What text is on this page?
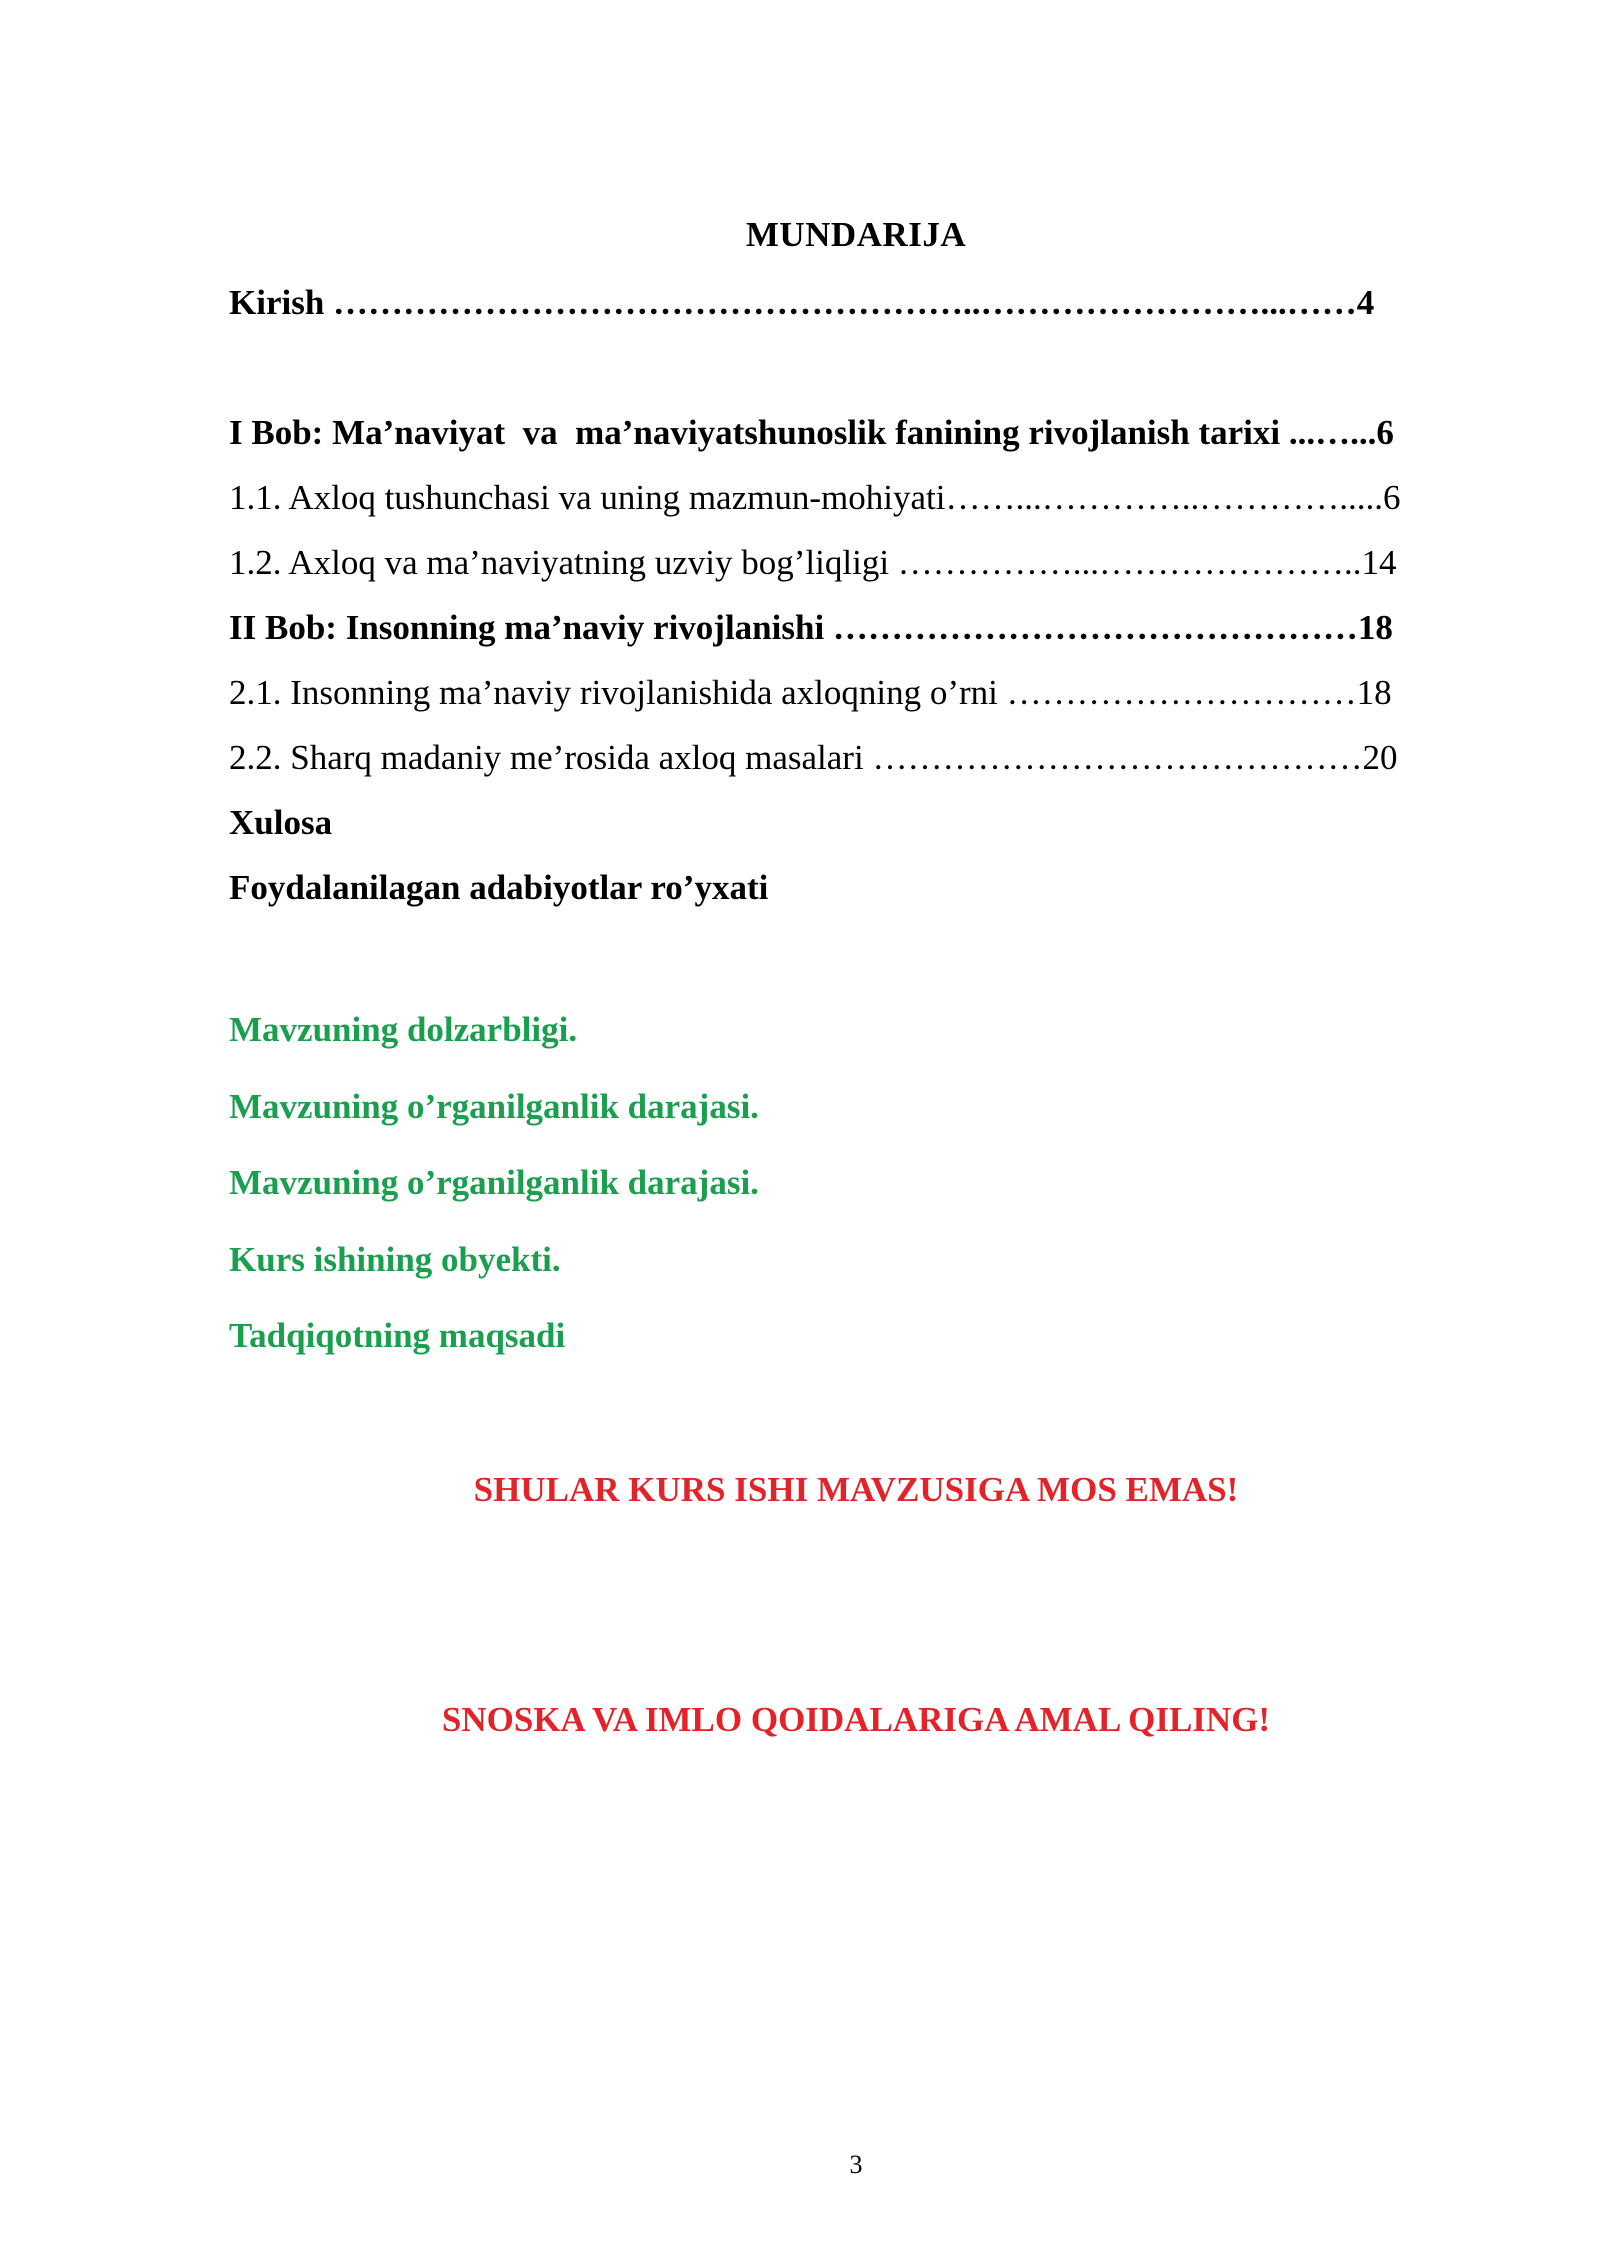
MUNDARIJA
Kirish ………………………………………………..……………………...……4
I Bob: Ma’naviyat  va  ma’naviyatshunoslik fanining rivojlanish tarixi ...…...6
1.1. Axloq tushunchasi va uning mazmun-mohiyati……...…………..………….....6
1.2. Axloq va ma’naviyatning uzviy bog’liqligi ……………...…………………..14
II Bob: Insonning ma’naviy rivojlanishi ………………………………………18
2.1. Insonning ma’naviy rivojlanishida axloqning o’rni …………………………18
2.2. Sharq madaniy me’rosida axloq masalari ……………………………………20
Xulosa
Foydalanilagan adabiyotlar ro’yxati
Mavzuning dolzarbligi.
Mavzuning o’rganilganlik darajasi.
Mavzuning o’rganilganlik darajasi.
Kurs ishining obyekti.
Tadqiqotning maqsadi
SHULAR KURS ISHI MAVZUSIGA MOS EMAS!
SNOSKA VA IMLO QOIDALARIGA AMAL QILING!
3
